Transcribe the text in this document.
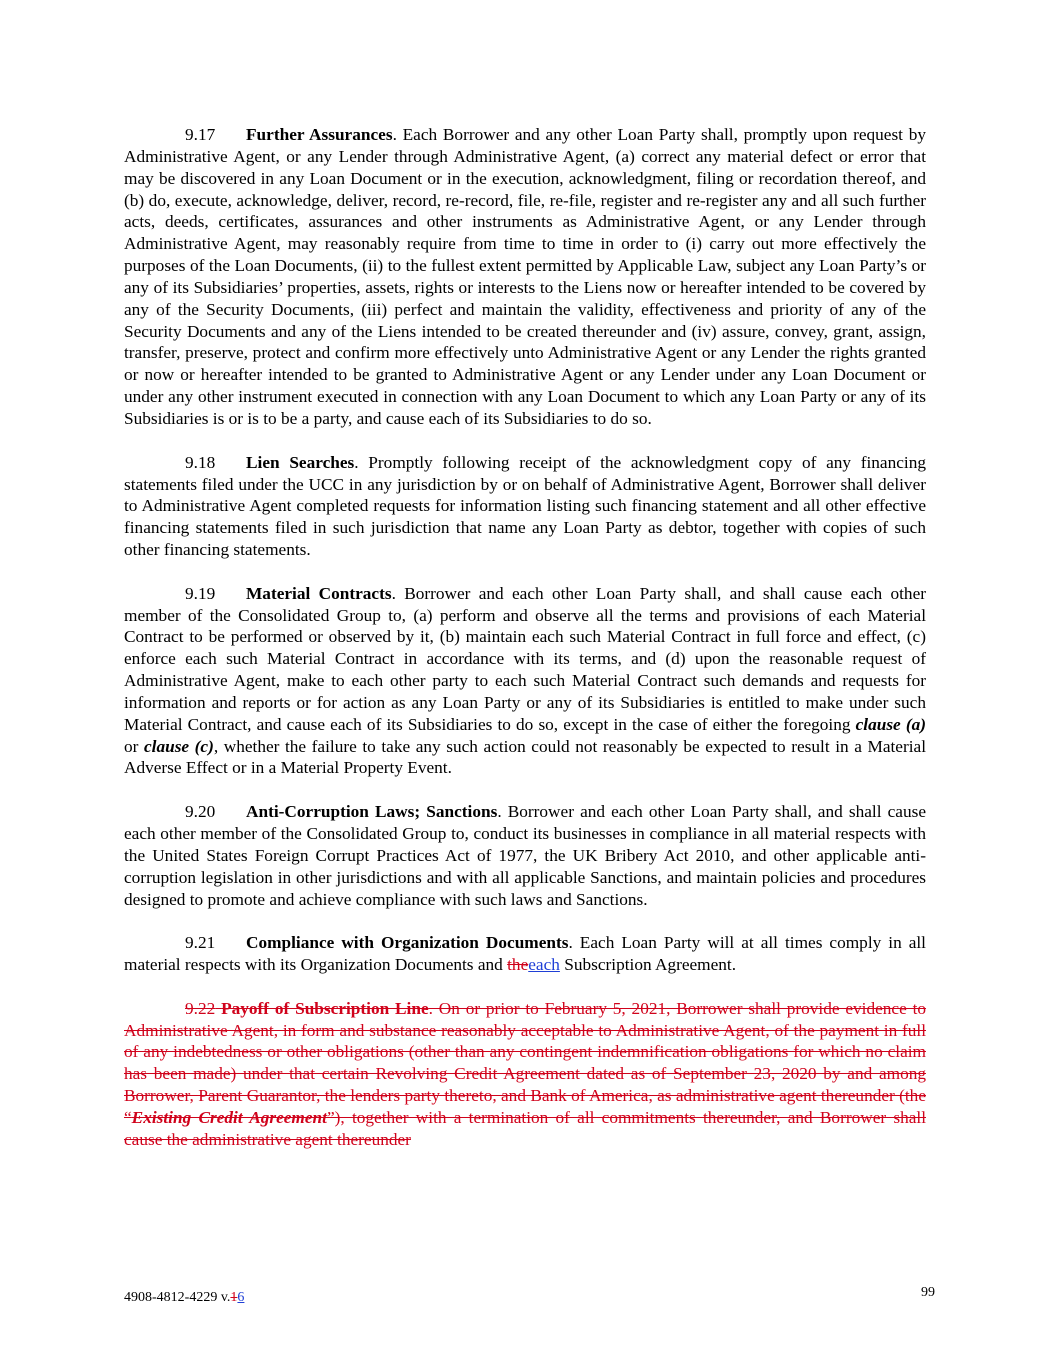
9.17 Further Assurances. Each Borrower and any other Loan Party shall, promptly upon request by Administrative Agent, or any Lender through Administrative Agent, (a) correct any material defect or error that may be discovered in any Loan Document or in the execution, acknowledgment, filing or recordation thereof, and (b) do, execute, acknowledge, deliver, record, re-record, file, re-file, register and re-register any and all such further acts, deeds, certificates, assurances and other instruments as Administrative Agent, or any Lender through Administrative Agent, may reasonably require from time to time in order to (i) carry out more effectively the purposes of the Loan Documents, (ii) to the fullest extent permitted by Applicable Law, subject any Loan Party’s or any of its Subsidiaries’ properties, assets, rights or interests to the Liens now or hereafter intended to be covered by any of the Security Documents, (iii) perfect and maintain the validity, effectiveness and priority of any of the Security Documents and any of the Liens intended to be created thereunder and (iv) assure, convey, grant, assign, transfer, preserve, protect and confirm more effectively unto Administrative Agent or any Lender the rights granted or now or hereafter intended to be granted to Administrative Agent or any Lender under any Loan Document or under any other instrument executed in connection with any Loan Document to which any Loan Party or any of its Subsidiaries is or is to be a party, and cause each of its Subsidiaries to do so.

9.18 Lien Searches. Promptly following receipt of the acknowledgment copy of any financing statements filed under the UCC in any jurisdiction by or on behalf of Administrative Agent, Borrower shall deliver to Administrative Agent completed requests for information listing such financing statement and all other effective financing statements filed in such jurisdiction that name any Loan Party as debtor, together with copies of such other financing statements.

9.19 Material Contracts. Borrower and each other Loan Party shall, and shall cause each other member of the Consolidated Group to, (a) perform and observe all the terms and provisions of each Material Contract to be performed or observed by it, (b) maintain each such Material Contract in full force and effect, (c) enforce each such Material Contract in accordance with its terms, and (d) upon the reasonable request of Administrative Agent, make to each other party to each such Material Contract such demands and requests for information and reports or for action as any Loan Party or any of its Subsidiaries is entitled to make under such Material Contract, and cause each of its Subsidiaries to do so, except in the case of either the foregoing clause (a) or clause (c), whether the failure to take any such action could not reasonably be expected to result in a Material Adverse Effect or in a Material Property Event.

9.20 Anti-Corruption Laws; Sanctions. Borrower and each other Loan Party shall, and shall cause each other member of the Consolidated Group to, conduct its businesses in compliance in all material respects with the United States Foreign Corrupt Practices Act of 1977, the UK Bribery Act 2010, and other applicable anti-corruption legislation in other jurisdictions and with all applicable Sanctions, and maintain policies and procedures designed to promote and achieve compliance with such laws and Sanctions.

9.21 Compliance with Organization Documents. Each Loan Party will at all times comply in all material respects with its Organization Documents and theeach Subscription Agreement.

9.22 Payoff of Subscription Line. On or prior to February 5, 2021, Borrower shall provide evidence to Administrative Agent, in form and substance reasonably acceptable to Administrative Agent, of the payment in full of any indebtedness or other obligations (other than any contingent indemnification obligations for which no claim has been made) under that certain Revolving Credit Agreement dated as of September 23, 2020 by and among Borrower, Parent Guarantor, the lenders party thereto, and Bank of America, as administrative agent thereunder (the “Existing Credit Agreement”), together with a termination of all commitments thereunder, and Borrower shall cause the administrative agent thereunder

4908-4812-4229 v.16	99
